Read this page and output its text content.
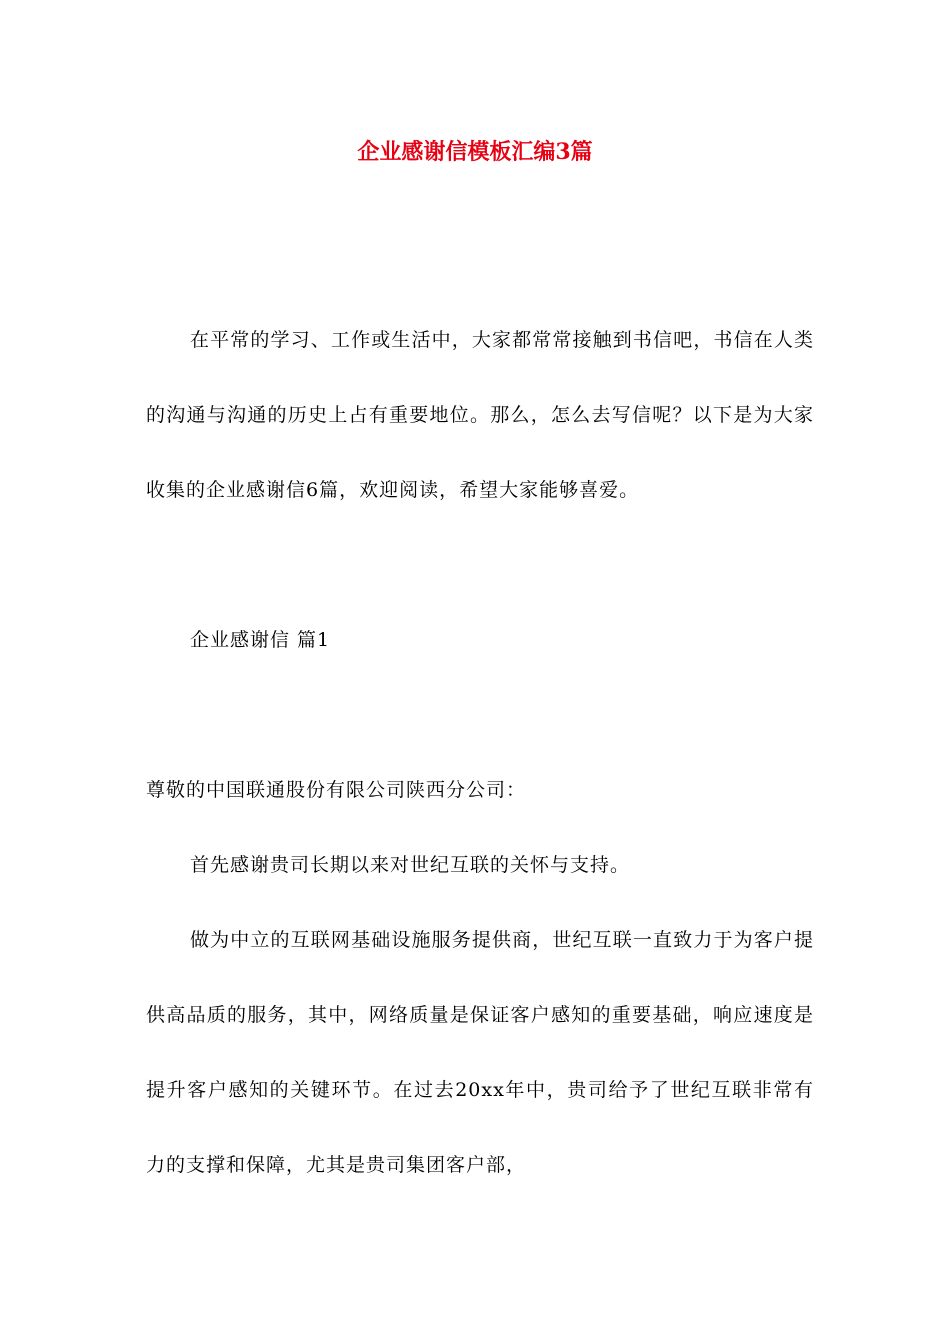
企业感谢信模板汇编3篇
在平常的学习、工作或生活中，大家都常常接触到书信吧，书信在人类的沟通与沟通的历史上占有重要地位。那么，怎么去写信呢？以下是为大家收集的企业感谢信6篇，欢迎阅读，希望大家能够喜爱。
企业感谢信 篇1
尊敬的中国联通股份有限公司陕西分公司：
首先感谢贵司长期以来对世纪互联的关怀与支持。
做为中立的互联网基础设施服务提供商，世纪互联一直致力于为客户提供高品质的服务，其中，网络质量是保证客户感知的重要基础，响应速度是提升客户感知的关键环节。在过去20xx年中，贵司给予了世纪互联非常有力的支撑和保障，尤其是贵司集团客户部，
